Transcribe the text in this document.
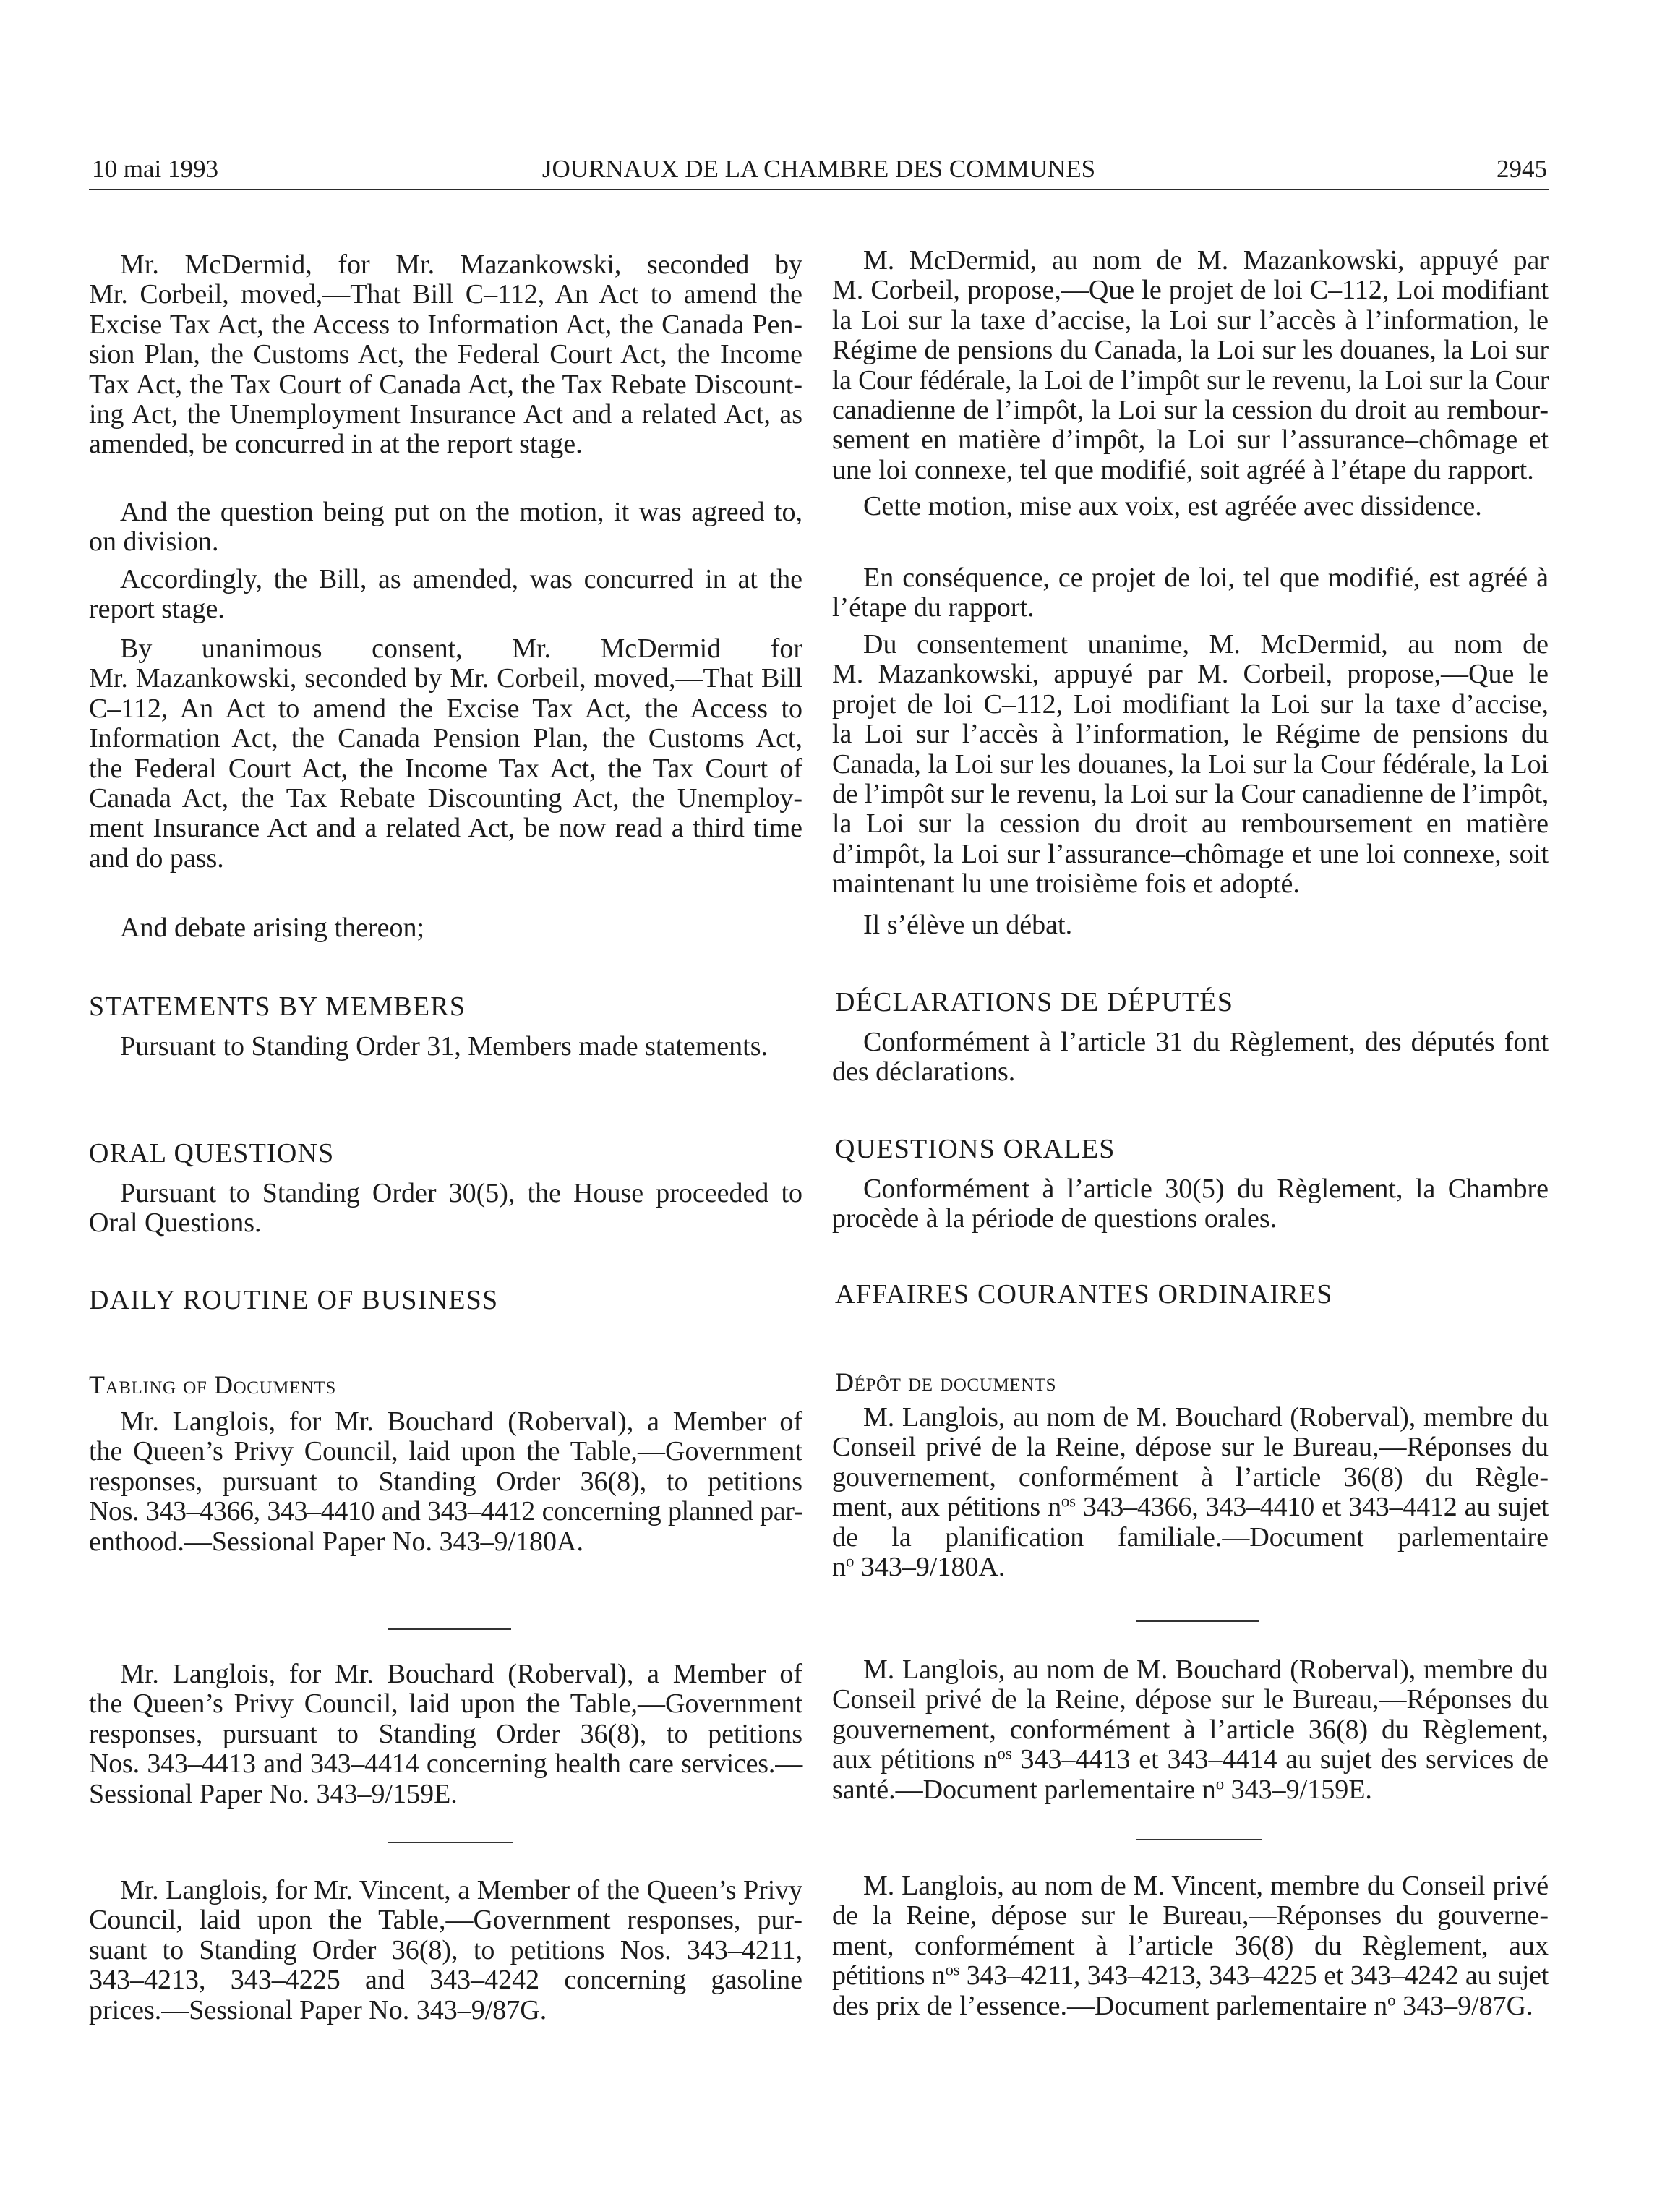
10 mai 1993	JOURNAUX DE LA CHAMBRE DES COMMUNES	2945
Mr. McDermid, for Mr. Mazankowski, seconded by
Mr. Corbeil, moved,—That Bill C–112, An Act to amend the
Excise Tax Act, the Access to Information Act, the Canada Pen-
sion Plan, the Customs Act, the Federal Court Act, the Income
Tax Act, the Tax Court of Canada Act, the Tax Rebate Discount-
ing Act, the Unemployment Insurance Act and a related Act, as
amended, be concurred in at the report stage.
And the question being put on the motion, it was agreed to,
on division.
Accordingly, the Bill, as amended, was concurred in at the
report stage.
By unanimous consent, Mr. McDermid for
Mr. Mazankowski, seconded by Mr. Corbeil, moved,—That Bill
C–112, An Act to amend the Excise Tax Act, the Access to
Information Act, the Canada Pension Plan, the Customs Act,
the Federal Court Act, the Income Tax Act, the Tax Court of
Canada Act, the Tax Rebate Discounting Act, the Unemploy-
ment Insurance Act and a related Act, be now read a third time
and do pass.
And debate arising thereon;
STATEMENTS BY MEMBERS
Pursuant to Standing Order 31, Members made statements.
ORAL QUESTIONS
Pursuant to Standing Order 30(5), the House proceeded to
Oral Questions.
DAILY ROUTINE OF BUSINESS
Tabling of Documents
Mr. Langlois, for Mr. Bouchard (Roberval), a Member of
the Queen’s Privy Council, laid upon the Table,—Government
responses, pursuant to Standing Order 36(8), to petitions
Nos. 343–4366, 343–4410 and 343–4412 concerning planned par-
enthood.—Sessional Paper No. 343–9/180A.
Mr. Langlois, for Mr. Bouchard (Roberval), a Member of
the Queen’s Privy Council, laid upon the Table,—Government
responses, pursuant to Standing Order 36(8), to petitions
Nos. 343–4413 and 343–4414 concerning health care services.—
Sessional Paper No. 343–9/159E.
Mr. Langlois, for Mr. Vincent, a Member of the Queen’s Privy
Council, laid upon the Table,—Government responses, pur-
suant to Standing Order 36(8), to petitions Nos. 343–4211,
343–4213, 343–4225 and 343–4242 concerning gasoline
prices.—Sessional Paper No. 343–9/87G.
M. McDermid, au nom de M. Mazankowski, appuyé par
M. Corbeil, propose,—Que le projet de loi C–112, Loi modifiant
la Loi sur la taxe d’accise, la Loi sur l’accès à l’information, le
Régime de pensions du Canada, la Loi sur les douanes, la Loi sur
la Cour fédérale, la Loi de l’impôt sur le revenu, la Loi sur la Cour
canadienne de l’impôt, la Loi sur la cession du droit au rembour-
sement en matière d’impôt, la Loi sur l’assurance–chômage et
une loi connexe, tel que modifié, soit agréé à l’étape du rapport.
Cette motion, mise aux voix, est agréée avec dissidence.
En conséquence, ce projet de loi, tel que modifié, est agréé à
l’étape du rapport.
Du consentement unanime, M. McDermid, au nom de
M. Mazankowski, appuyé par M. Corbeil, propose,—Que le
projet de loi C–112, Loi modifiant la Loi sur la taxe d’accise,
la Loi sur l’accès à l’information, le Régime de pensions du
Canada, la Loi sur les douanes, la Loi sur la Cour fédérale, la Loi
de l’impôt sur le revenu, la Loi sur la Cour canadienne de l’impôt,
la Loi sur la cession du droit au remboursement en matière
d’impôt, la Loi sur l’assurance–chômage et une loi connexe, soit
maintenant lu une troisième fois et adopté.
Il s’élève un débat.
DÉCLARATIONS DE DÉPUTÉS
Conformément à l’article 31 du Règlement, des députés font
des déclarations.
QUESTIONS ORALES
Conformément à l’article 30(5) du Règlement, la Chambre
procède à la période de questions orales.
AFFAIRES COURANTES ORDINAIRES
Dépôt de documents
M. Langlois, au nom de M. Bouchard (Roberval), membre du
Conseil privé de la Reine, dépose sur le Bureau,—Réponses du
gouvernement, conformément à l’article 36(8) du Règle-
ment, aux pétitions $n^{os}$ 343–4366, 343–4410 et 343–4412 au sujet
de la planification familiale.—Document parlementaire
$n^o$ 343–9/180A.
M. Langlois, au nom de M. Bouchard (Roberval), membre du
Conseil privé de la Reine, dépose sur le Bureau,—Réponses du
gouvernement, conformément à l’article 36(8) du Règlement,
aux pétitions $n^{os}$ 343–4413 et 343–4414 au sujet des services de
santé.—Document parlementaire $n^o$ 343–9/159E.
M. Langlois, au nom de M. Vincent, membre du Conseil privé
de la Reine, dépose sur le Bureau,—Réponses du gouverne-
ment, conformément à l’article 36(8) du Règlement, aux
pétitions $n^{os}$ 343–4211, 343–4213, 343–4225 et 343–4242 au sujet
des prix de l’essence.—Document parlementaire $n^o$ 343–9/87G.
